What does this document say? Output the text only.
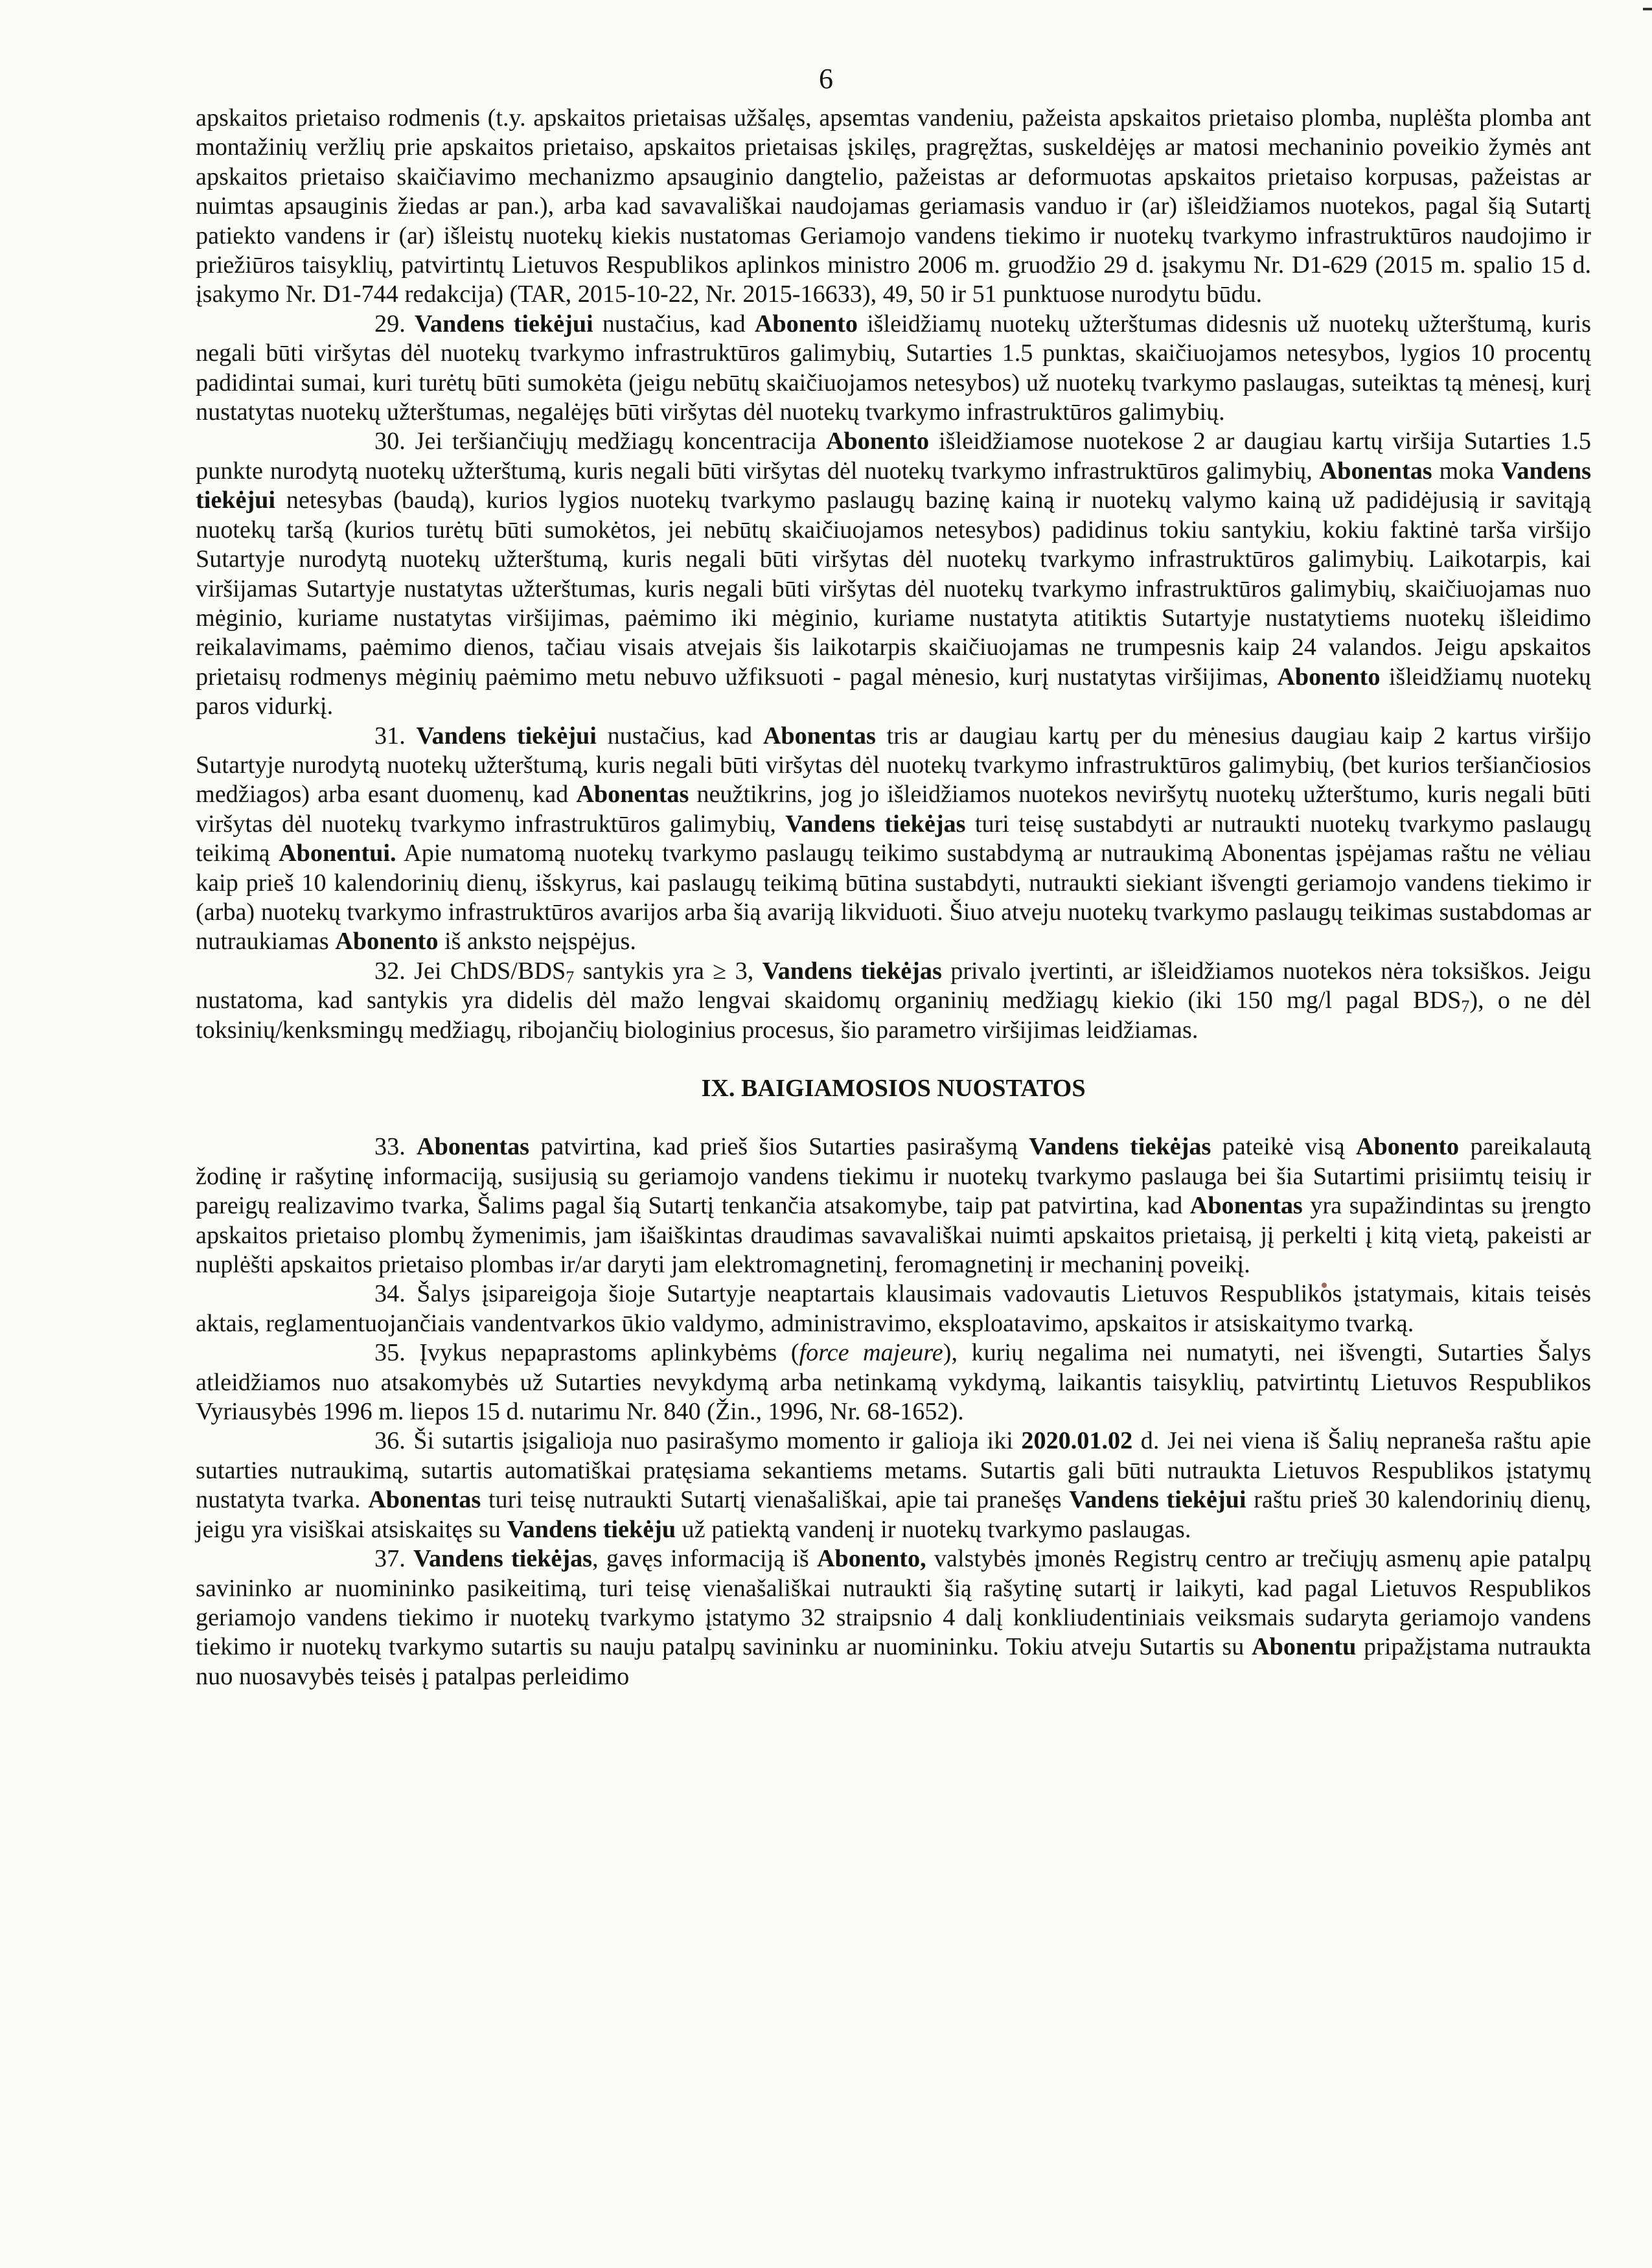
6

apskaitos prietaiso rodmenis (t.y. apskaitos prietaisas užšalęs, apsemtas vandeniu, pažeista apskaitos prietaiso plomba, nuplėšta plomba ant montažinių veržlių prie apskaitos prietaiso, apskaitos prietaisas įskilęs, pragręžtas, suskeldėjęs ar matosi mechaninio poveikio žymės ant apskaitos prietaiso skaičiavimo mechanizmo apsauginio dangtelio, pažeistas ar deformuotas apskaitos prietaiso korpusas, pažeistas ar nuimtas apsauginis žiedas ar pan.), arba kad savavališkai naudojamas geriamasis vanduo ir (ar) išleidžiamos nuotekos, pagal šią Sutartį patiekto vandens ir (ar) išleistų nuotekų kiekis nustatomas Geriamojo vandens tiekimo ir nuotekų tvarkymo infrastruktūros naudojimo ir priežiūros taisyklių, patvirtintų Lietuvos Respublikos aplinkos ministro 2006 m. gruodžio 29 d. įsakymu Nr. D1-629 (2015 m. spalio 15 d. įsakymo Nr. D1-744 redakcija) (TAR, 2015-10-22, Nr. 2015-16633), 49, 50 ir 51 punktuose nurodytu būdu.

29. Vandens tiekėjui nustačius, kad Abonento išleidžiamų nuotekų užterštumas didesnis už nuotekų užterštumą, kuris negali būti viršytas dėl nuotekų tvarkymo infrastruktūros galimybių, Sutarties 1.5 punktas, skaičiuojamos netesybos, lygios 10 procentų padidintai sumai, kuri turėtų būti sumokėta (jeigu nebūtų skaičiuojamos netesybos) už nuotekų tvarkymo paslaugas, suteiktas tą mėnesį, kurį nustatytas nuotekų užterštumas, negalėjęs būti viršytas dėl nuotekų tvarkymo infrastruktūros galimybių.

30. Jei teršiančiųjų medžiagų koncentracija Abonento išleidžiamose nuotekose 2 ar daugiau kartų viršija Sutarties 1.5 punkte nurodytą nuotekų užterštumą, kuris negali būti viršytas dėl nuotekų tvarkymo infrastruktūros galimybių, Abonentas moka Vandens tiekėjui netesybas (baudą), kurios lygios nuotekų tvarkymo paslaugų bazinę kainą ir nuotekų valymo kainą už padidėjusią ir savitąją nuotekų taršą (kurios turėtų būti sumokėtos, jei nebūtų skaičiuojamos netesybos) padidinus tokiu santykiu, kokiu faktinė tarša viršijo Sutartyje nurodytą nuotekų užterštumą, kuris negali būti viršytas dėl nuotekų tvarkymo infrastruktūros galimybių. Laikotarpis, kai viršijamas Sutartyje nustatytas užterštumas, kuris negali būti viršytas dėl nuotekų tvarkymo infrastruktūros galimybių, skaičiuojamas nuo mėginio, kuriame nustatytas viršijimas, paėmimo iki mėginio, kuriame nustatyta atitiktis Sutartyje nustatytiems nuotekų išleidimo reikalavimams, paėmimo dienos, tačiau visais atvejais šis laikotarpis skaičiuojamas ne trumpesnis kaip 24 valandos. Jeigu apskaitos prietaisų rodmenys mėginių paėmimo metu nebuvo užfiksuoti - pagal mėnesio, kurį nustatytas viršijimas, Abonento išleidžiamų nuotekų paros vidurkį.

31. Vandens tiekėjui nustačius, kad Abonentas tris ar daugiau kartų per du mėnesius daugiau kaip 2 kartus viršijo Sutartyje nurodytą nuotekų užterštumą, kuris negali būti viršytas dėl nuotekų tvarkymo infrastruktūros galimybių, (bet kurios teršiančiosios medžiagos) arba esant duomenų, kad Abonentas neužtikrins, jog jo išleidžiamos nuotekos neviršytų nuotekų užterštumo, kuris negali būti viršytas dėl nuotekų tvarkymo infrastruktūros galimybių, Vandens tiekėjas turi teisę sustabdyti ar nutraukti nuotekų tvarkymo paslaugų teikimą Abonentui. Apie numatomą nuotekų tvarkymo paslaugų teikimo sustabdymą ar nutraukimą Abonentas įspėjamas raštu ne vėliau kaip prieš 10 kalendorinių dienų, išskyrus, kai paslaugų teikimą būtina sustabdyti, nutraukti siekiant išvengti geriamojo vandens tiekimo ir (arba) nuotekų tvarkymo infrastruktūros avarijos arba šią avariją likviduoti. Šiuo atveju nuotekų tvarkymo paslaugų teikimas sustabdomas ar nutraukiamas Abonento iš anksto neįspėjus.

32. Jei ChDS/$BDS_7$ santykis yra ≥ 3, Vandens tiekėjas privalo įvertinti, ar išleidžiamos nuotekos nėra toksiškos. Jeigu nustatoma, kad santykis yra didelis dėl mažo lengvai skaidomų organinių medžiagų kiekio (iki 150 mg/l pagal $BDS_7$), o ne dėl toksinių/kenksmingų medžiagų, ribojančių biologinius procesus, šio parametro viršijimas leidžiamas.

IX. BAIGIAMOSIOS NUOSTATOS

33. Abonentas patvirtina, kad prieš šios Sutarties pasirašymą Vandens tiekėjas pateikė visą Abonento pareikalautą žodinę ir rašytinę informaciją, susijusią su geriamojo vandens tiekimu ir nuotekų tvarkymo paslauga bei šia Sutartimi prisiimtų teisių ir pareigų realizavimo tvarka, Šalims pagal šią Sutartį tenkančia atsakomybe, taip pat patvirtina, kad Abonentas yra supažindintas su įrengto apskaitos prietaiso plombų žymenimis, jam išaiškintas draudimas savavališkai nuimti apskaitos prietaisą, jį perkelti į kitą vietą, pakeisti ar nuplėšti apskaitos prietaiso plombas ir/ar daryti jam elektromagnetinį, feromagnetinį ir mechaninį poveikį.

34. Šalys įsipareigoja šioje Sutartyje neaptartais klausimais vadovautis Lietuvos Respublikos įstatymais, kitais teisės aktais, reglamentuojančiais vandentvarkos ūkio valdymo, administravimo, eksploatavimo, apskaitos ir atsiskaitymo tvarką.

35. Įvykus nepaprastoms aplinkybėms (force majeure), kurių negalima nei numatyti, nei išvengti, Sutarties Šalys atleidžiamos nuo atsakomybės už Sutarties nevykdymą arba netinkamą vykdymą, laikantis taisyklių, patvirtintų Lietuvos Respublikos Vyriausybės 1996 m. liepos 15 d. nutarimu Nr. 840 (Žin., 1996, Nr. 68-1652).

36. Ši sutartis įsigalioja nuo pasirašymo momento ir galioja iki 2020.01.02 d. Jei nei viena iš Šalių nepraneša raštu apie sutarties nutraukimą, sutartis automatiškai pratęsiama sekantiems metams. Sutartis gali būti nutraukta Lietuvos Respublikos įstatymų nustatyta tvarka. Abonentas turi teisę nutraukti Sutartį vienašališkai, apie tai pranešęs Vandens tiekėjui raštu prieš 30 kalendorinių dienų, jeigu yra visiškai atsiskaitęs su Vandens tiekėju už patiektą vandenį ir nuotekų tvarkymo paslaugas.

37. Vandens tiekėjas, gavęs informaciją iš Abonento, valstybės įmonės Registrų centro ar trečiųjų asmenų apie patalpų savininko ar nuomininko pasikeitimą, turi teisę vienašališkai nutraukti šią rašytinę sutartį ir laikyti, kad pagal Lietuvos Respublikos geriamojo vandens tiekimo ir nuotekų tvarkymo įstatymo 32 straipsnio 4 dalį konkliudentiniais veiksmais sudaryta geriamojo vandens tiekimo ir nuotekų tvarkymo sutartis su nauju patalpų savininku ar nuomininku. Tokiu atveju Sutartis su Abonentu pripažįstama nutraukta nuo nuosavybės teisės į patalpas perleidimo
